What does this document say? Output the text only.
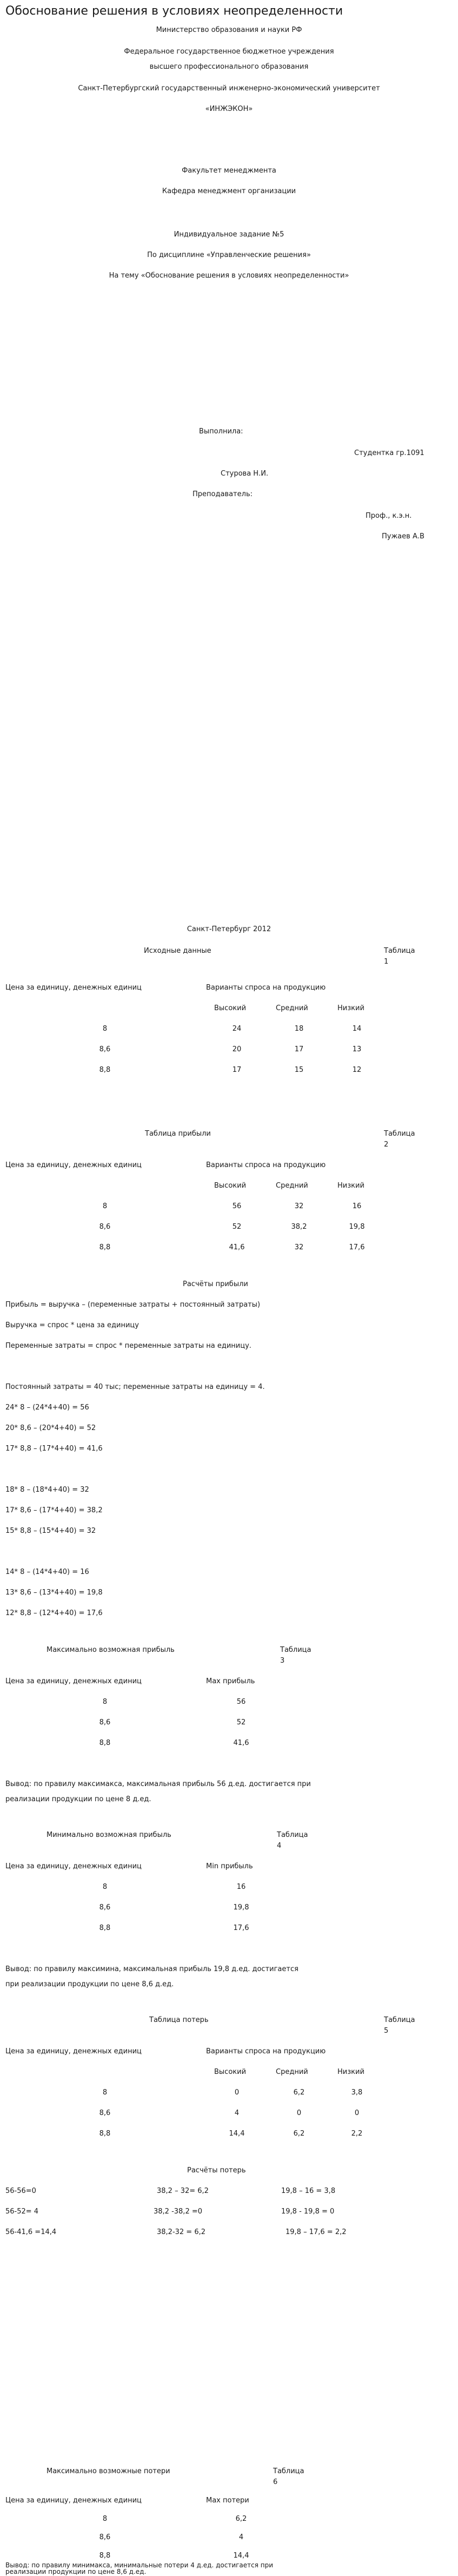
Обоснование решения в условиях неопределенности
Министерство образования и науки РФ
Федеральное государственное бюджетное учреждения
высшего профессионального образования
Санкт-Петербургский государственный инженерно-экономический университет
«ИНЖЭКОН»
Факультет менеджмента
Кафедра менеджмент организации
Индивидуальное задание №5
По дисциплине «Управленческие решения»
На тему «Обоснование решения в условиях неопределенности»
Выполнила:
Студентка гр.1091
Стурова Н.И.
Преподаватель:
Проф., к.э.н.
Пужаев А.В
Санкт-Петербург 2012
Исходные данные	Таблица
1
Цена за единицу, денежных единиц	Варианты спроса на продукцию
Высокий	Средний	Низкий
8	24	18	14
8,6	20	17	13
8,8	17	15	12
Таблица прибыли	Таблица
2
Цена за единицу, денежных единиц	Варианты спроса на продукцию
Высокий	Средний	Низкий
8	56	32	16
8,6	52	38,2	19,8
8,8	41,6	32	17,6
Расчёты прибыли
Прибыль = выручка – (переменные затраты + постоянный затраты)
Выручка = спрос * цена за единицу
Переменные затраты = спрос * переменные затраты на единицу.
Постоянный затраты = 40 тыс; переменные затраты на единицу = 4.
24* 8 – (24*4+40) = 56
20* 8,6 – (20*4+40) = 52
17* 8,8 – (17*4+40) = 41,6
18* 8 – (18*4+40) = 32
17* 8,6 – (17*4+40) = 38,2
15* 8,8 – (15*4+40) = 32
14* 8 – (14*4+40) = 16
13* 8,6 – (13*4+40) = 19,8
12* 8,8 – (12*4+40) = 17,6
Максимально возможная прибыль	Таблица
3
Цена за единицу, денежных единиц	Max прибыль
8	56
8,6	52
8,8	41,6
Вывод: по правилу максимакса, максимальная прибыль 56 д.ед. достигается при
реализации продукции по цене 8 д.ед.
Минимально возможная прибыль	Таблица
4
Цена за единицу, денежных единиц	Min прибыль
8	16
8,6	19,8
8,8	17,6
Вывод: по правилу максимина, максимальная прибыль 19,8 д.ед. достигается
при реализации продукции по цене 8,6 д.ед.
Таблица потерь	Таблица
5
Цена за единицу, денежных единиц	Варианты спроса на продукцию
Высокий	Средний	Низкий
8	0	6,2	3,8
8,6	4	0	0
8,8	14,4	6,2	2,2
Расчёты потерь
56-56=0	38,2 – 32= 6,2	19,8 – 16 = 3,8
56-52= 4	38,2 -38,2 =0	19,8 - 19,8 = 0
56-41,6 =14,4	38,2-32 = 6,2	19,8 – 17,6 = 2,2
Максимально возможные потери	Таблица
6
Цена за единицу, денежных единиц	Max потери
8	6,2
8,6	4
8,8	14,4
Вывод: по правилу минимакса, минимальные потери 4 д.ед. достигается при
реализации продукции по цене 8,6 д.ед.
